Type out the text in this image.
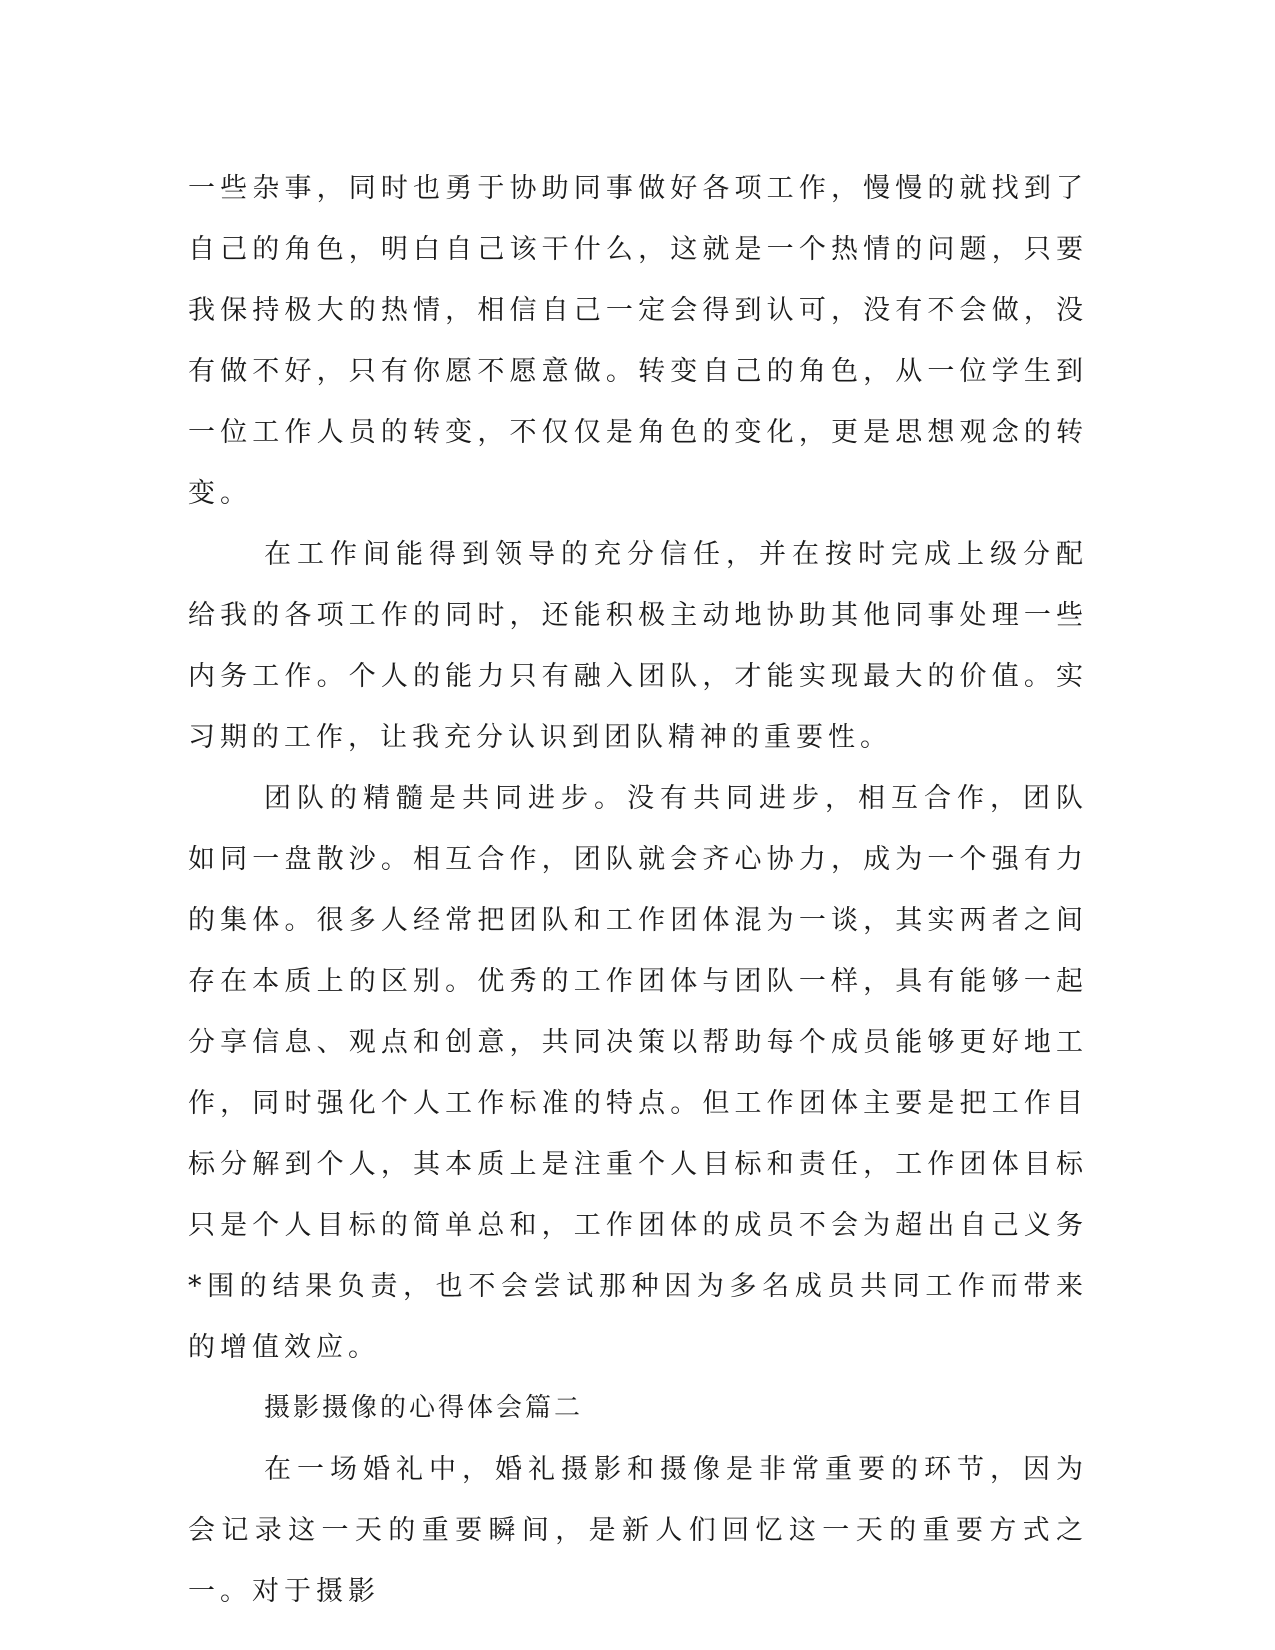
一些杂事，同时也勇于协助同事做好各项工作，慢慢的就找到了自己的角色，明白自己该干什么，这就是一个热情的问题，只要我保持极大的热情，相信自己一定会得到认可，没有不会做，没有做不好，只有你愿不愿意做。转变自己的角色，从一位学生到一位工作人员的转变，不仅仅是角色的变化，更是思想观念的转变。

在工作间能得到领导的充分信任，并在按时完成上级分配给我的各项工作的同时，还能积极主动地协助其他同事处理一些内务工作。个人的能力只有融入团队，才能实现最大的价值。实习期的工作，让我充分认识到团队精神的重要性。

团队的精髓是共同进步。没有共同进步，相互合作，团队如同一盘散沙。相互合作，团队就会齐心协力，成为一个强有力的集体。很多人经常把团队和工作团体混为一谈，其实两者之间存在本质上的区别。优秀的工作团体与团队一样，具有能够一起分享信息、观点和创意，共同决策以帮助每个成员能够更好地工作，同时强化个人工作标准的特点。但工作团体主要是把工作目标分解到个人，其本质上是注重个人目标和责任，工作团体目标只是个人目标的简单总和，工作团体的成员不会为超出自己义务*围的结果负责，也不会尝试那种因为多名成员共同工作而带来的增值效应。

摄影摄像的心得体会篇二

在一场婚礼中，婚礼摄影和摄像是非常重要的环节，因为会记录这一天的重要瞬间，是新人们回忆这一天的重要方式之一。对于摄影
